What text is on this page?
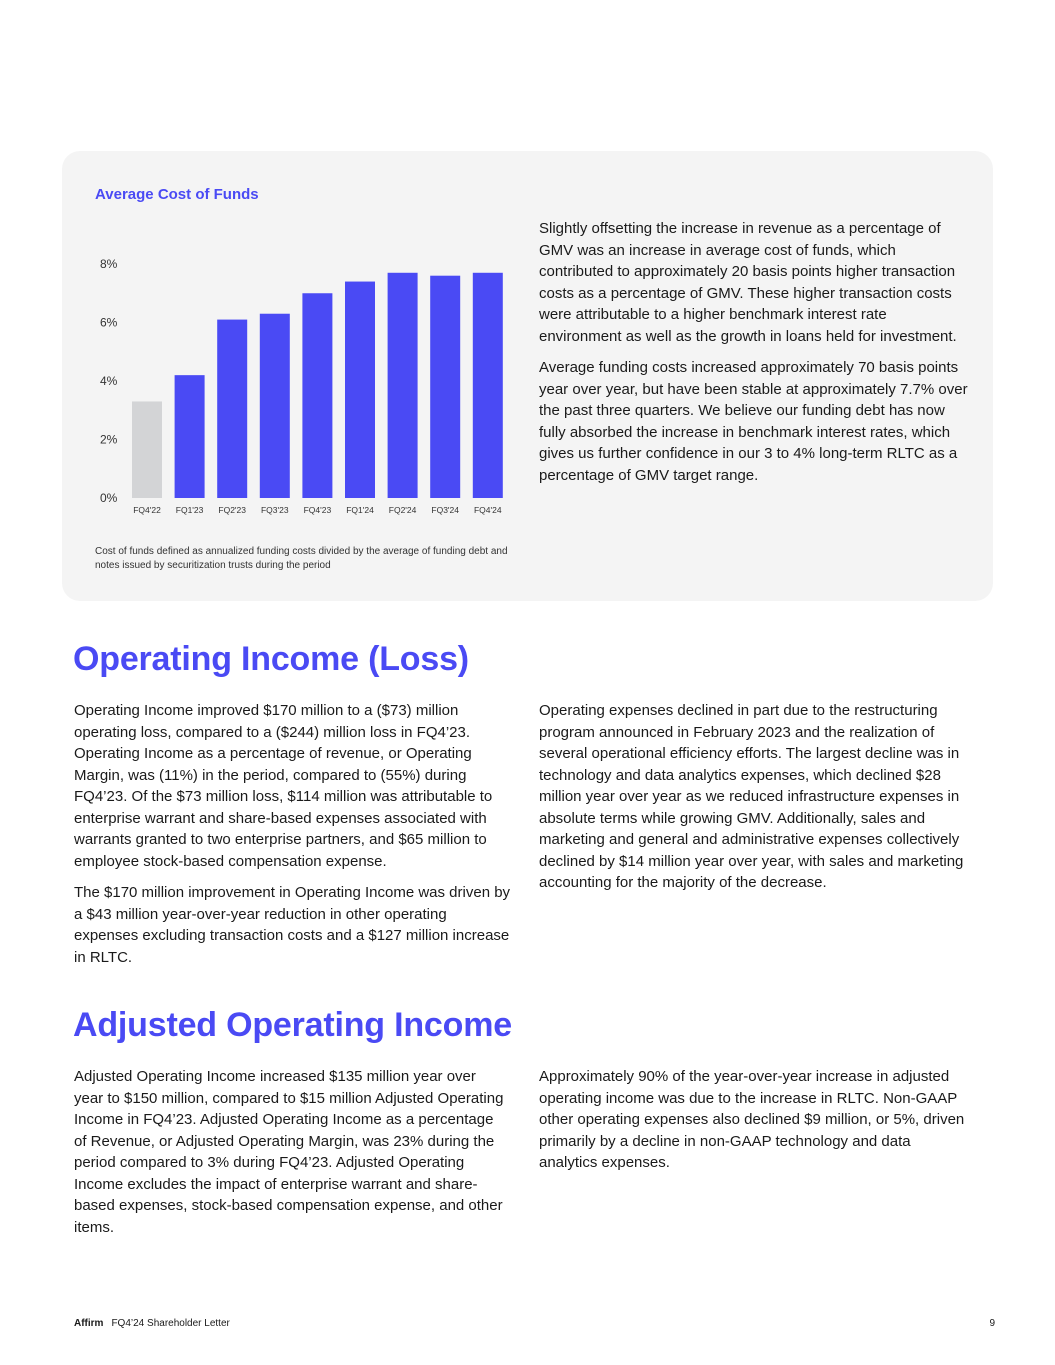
Average Cost of Funds
0%
2%
4%
6%
8%
FQ4'22 FQ1'23 FQ2'23 FQ3'23 FQ4'23 FQ1'24 FQ2'24 FQ3'24 FQ4'24
Cost of funds defined as annualized funding costs divided by the average of funding debt and notes issued by securitization trusts during the period

Slightly offsetting the increase in revenue as a percentage of GMV was an increase in average cost of funds, which contributed to approximately 20 basis points higher transaction costs as a percentage of GMV. These higher transaction costs were attributable to a higher benchmark interest rate environment as well as the growth in loans held for investment.

Average funding costs increased approximately 70 basis points year over year, but have been stable at approximately 7.7% over the past three quarters. We believe our funding debt has now fully absorbed the increase in benchmark interest rates, which gives us further confidence in our 3 to 4% long-term RLTC as a percentage of GMV target range.

Operating Income (Loss)

Operating Income improved $170 million to a ($73) million operating loss, compared to a ($244) million loss in FQ4’23. Operating Income as a percentage of revenue, or Operating Margin, was (11%) in the period, compared to (55%) during FQ4’23. Of the $73 million loss, $114 million was attributable to enterprise warrant and share-based expenses associated with warrants granted to two enterprise partners, and $65 million to employee stock-based compensation expense.

The $170 million improvement in Operating Income was driven by a $43 million year-over-year reduction in other operating expenses excluding transaction costs and a $127 million increase in RLTC.

Operating expenses declined in part due to the restructuring program announced in February 2023 and the realization of several operational efficiency efforts. The largest decline was in technology and data analytics expenses, which declined $28 million year over year as we reduced infrastructure expenses in absolute terms while growing GMV. Additionally, sales and marketing and general and administrative expenses collectively declined by $14 million year over year, with sales and marketing accounting for the majority of the decrease.

Adjusted Operating Income

Adjusted Operating Income increased $135 million year over year to $150 million, compared to $15 million Adjusted Operating Income in FQ4’23. Adjusted Operating Income as a percentage of Revenue, or Adjusted Operating Margin, was 23% during the period compared to 3% during FQ4’23. Adjusted Operating Income excludes the impact of enterprise warrant and share-based expenses, stock-based compensation expense, and other items.

Approximately 90% of the year-over-year increase in adjusted operating income was due to the increase in RLTC. Non-GAAP other operating expenses also declined $9 million, or 5%, driven primarily by a decline in non-GAAP technology and data analytics expenses.

Affirm FQ4’24 Shareholder Letter	9
